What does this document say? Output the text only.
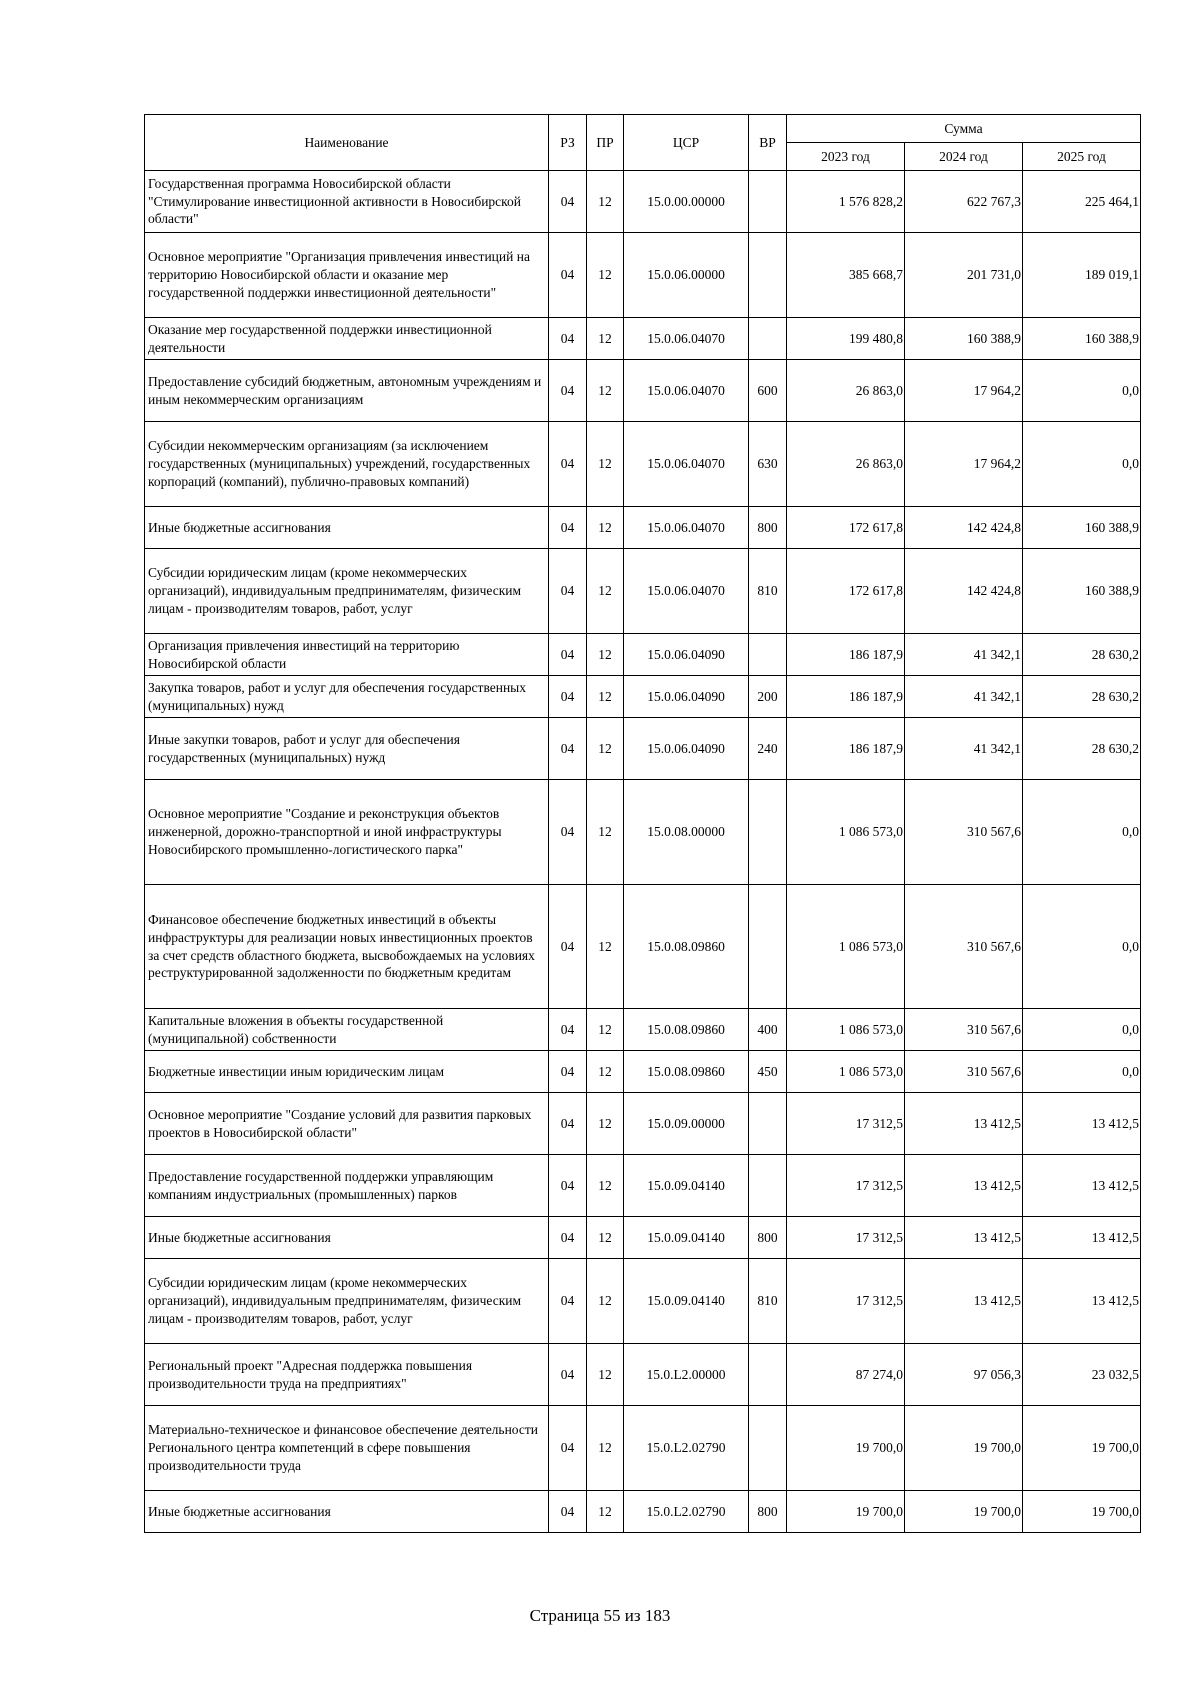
Наименование	РЗ	ПР	ЦСР	ВР	Сумма		
					2023 год	2024 год	2025 год
Государственная программа Новосибирской области "Стимулирование инвестиционной активности в Новосибирской области"	04	12	15.0.00.00000		1 576 828,2	622 767,3	225 464,1
Основное мероприятие "Организация привлечения инвестиций на территорию Новосибирской области и оказание мер государственной поддержки инвестиционной деятельности"	04	12	15.0.06.00000		385 668,7	201 731,0	189 019,1
Оказание мер государственной поддержки инвестиционной деятельности	04	12	15.0.06.04070		199 480,8	160 388,9	160 388,9
Предоставление субсидий бюджетным, автономным учреждениям и иным некоммерческим организациям	04	12	15.0.06.04070	600	26 863,0	17 964,2	0,0
Субсидии некоммерческим организациям (за исключением государственных (муниципальных) учреждений, государственных корпораций (компаний), публично-правовых компаний)	04	12	15.0.06.04070	630	26 863,0	17 964,2	0,0
Иные бюджетные ассигнования	04	12	15.0.06.04070	800	172 617,8	142 424,8	160 388,9
Субсидии юридическим лицам (кроме некоммерческих организаций), индивидуальным предпринимателям, физическим лицам - производителям товаров, работ, услуг	04	12	15.0.06.04070	810	172 617,8	142 424,8	160 388,9
Организация привлечения инвестиций на территорию Новосибирской области	04	12	15.0.06.04090		186 187,9	41 342,1	28 630,2
Закупка товаров, работ и услуг для обеспечения государственных (муниципальных) нужд	04	12	15.0.06.04090	200	186 187,9	41 342,1	28 630,2
Иные закупки товаров, работ и услуг для обеспечения государственных (муниципальных) нужд	04	12	15.0.06.04090	240	186 187,9	41 342,1	28 630,2
Основное мероприятие "Создание и реконструкция объектов инженерной, дорожно-транспортной и иной инфраструктуры Новосибирского промышленно-логистического парка"	04	12	15.0.08.00000		1 086 573,0	310 567,6	0,0
Финансовое обеспечение бюджетных инвестиций в объекты инфраструктуры для реализации новых инвестиционных проектов за счет средств областного бюджета, высвобождаемых на условиях реструктурированной задолженности по бюджетным кредитам	04	12	15.0.08.09860		1 086 573,0	310 567,6	0,0
Капитальные вложения в объекты государственной (муниципальной) собственности	04	12	15.0.08.09860	400	1 086 573,0	310 567,6	0,0
Бюджетные инвестиции иным юридическим лицам	04	12	15.0.08.09860	450	1 086 573,0	310 567,6	0,0
Основное мероприятие "Создание условий для развития парковых проектов в Новосибирской области"	04	12	15.0.09.00000		17 312,5	13 412,5	13 412,5
Предоставление государственной поддержки управляющим компаниям индустриальных (промышленных) парков	04	12	15.0.09.04140		17 312,5	13 412,5	13 412,5
Иные бюджетные ассигнования	04	12	15.0.09.04140	800	17 312,5	13 412,5	13 412,5
Субсидии юридическим лицам (кроме некоммерческих организаций), индивидуальным предпринимателям, физическим лицам - производителям товаров, работ, услуг	04	12	15.0.09.04140	810	17 312,5	13 412,5	13 412,5
Региональный проект "Адресная поддержка повышения производительности труда на предприятиях"	04	12	15.0.L2.00000		87 274,0	97 056,3	23 032,5
Материально-техническое и финансовое обеспечение деятельности Регионального центра компетенций в сфере повышения производительности труда	04	12	15.0.L2.02790		19 700,0	19 700,0	19 700,0
Иные бюджетные ассигнования	04	12	15.0.L2.02790	800	19 700,0	19 700,0	19 700,0
Страница 55 из 183
